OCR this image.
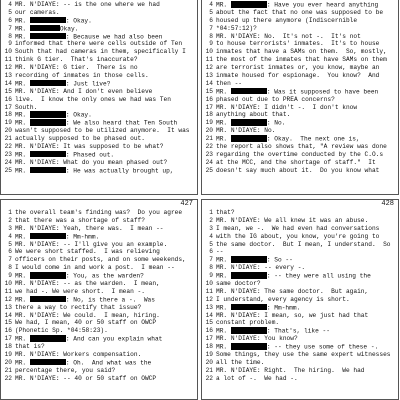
4 MR. N'DIAYE: -- is the one where we had
5 our cameras.
6 MR.	: Okay.
7 MR.	Okay.
8 MR.	: Because we had also been
9 informed that there were cells outside of Ten
10 South that had cameras in them, specifically I
11 think G tier.  That's inaccurate?
12 MR. N'DIAYE: G tier.  There is no
13 recording of inmates in those cells.
14 MR.	: Just live?
15 MR. N'DIAYE: And I don't even believe
16 live.  I know the only ones we had was Ten
17 South.
18 MR.	: Okay.
19 MR.	: We also heard that Ten South
20 wasn't supposed to be utilized anymore.  It was
21 actually supposed to be phased out.
22 MR. N'DIAYE: It was supposed to be what?
23 MR.	: Phased out.
24 MR. N'DIAYE: What do you mean phased out?
25 MR.	: He was actually brought up,
4 MR.	: Have you ever heard anything
5 about the fact that no one was supposed to be
6 housed up there anymore (Indiscernible
7 *04:57:12)?
8 MR. N'DIAYE: No.  It's not -.  It's not
9 to house terrorists' inmates.  It's to house
10 inmates that have a SAMs on them.  So, mostly,
11 the most of the inmates that have SAMs on them
12 are terrorist inmates or, you know, maybe an
13 inmate housed for espionage.  You know?  And
14 then --
15 MR.	: Was it supposed to have been
16 phased out due to PREA concerns?
17 MR. N'DIAYE: I didn't -.  I don't know
18 anything about that.
19 MR.	: No.
20 MR. N'DIAYE: No.
21 MR.	: Okay.  The next one is,
22 the report also shows that, "A review was done
23 regarding the overtime conducted by the C.O.s
24 at the MCC, and the shortage of staff."  It
25 doesn't say much about it.  Do you know what
427
1 the overall team's finding was?  Do you agree
2 that there was a shortage of staff?
3 MR. N'DIAYE: Yeah, there was.  I mean --
4 MR.	: Mm-hmm.
5 MR. N'DIAYE: -- I'll give you an example.
6 We were short staffed.  I was relieving
7 officers on their posts, and on some weekends,
8 I would come in and work a post.  I mean --
9 MR.	: You, as the warden?
10 MR. N'DIAYE: -- as the warden.  I mean,
11 we had -. We were short.  I mean -.
12 MR.	: No, is there a -.  Was
13 there a way to rectify that issue?
14 MR. N'DIAYE: We could.  I mean, hiring.
15 We had, I mean, 40 or 50 staff on OWCP
16 (Phonetic Sp. *04:58:23).
17 MR.	: And can you explain what
18 that is?
19 MR. N'DIAYE: Workers compensation.
20 MR.	: Oh.  And what was the
21 percentage there, you said?
22 MR. N'DIAYE: -- 40 or 50 staff on OWCP
428
1 that?
2 MR. N'DIAYE: We all knew it was an abuse.
3 I mean, we -.  We had even had conversations
4 with the IG about, you know, you're going to
5 the same doctor.  But I mean, I understand.  So
6 --
7 MR.	: So --
8 MR. N'DIAYE: -- every -.
9 MR.	: -- they were all using the
10 same doctor?
11 MR. N'DIAYE: The same doctor.  But again,
12 I understand, every agency is short.
13 MR.	: Mm-hmm.
14 MR. N'DIAYE: I mean, so, we just had that
15 constant problem.
16 MR.	: That's, like --
17 MR. N'DIAYE: You know?
18 MR.	: -- they use some of these -.
19 Some things, they use the same expert witnesses
20 all the time.
21 MR. N'DIAYE: Right.  The hiring.  We had
22 a lot of -.  We had -.
